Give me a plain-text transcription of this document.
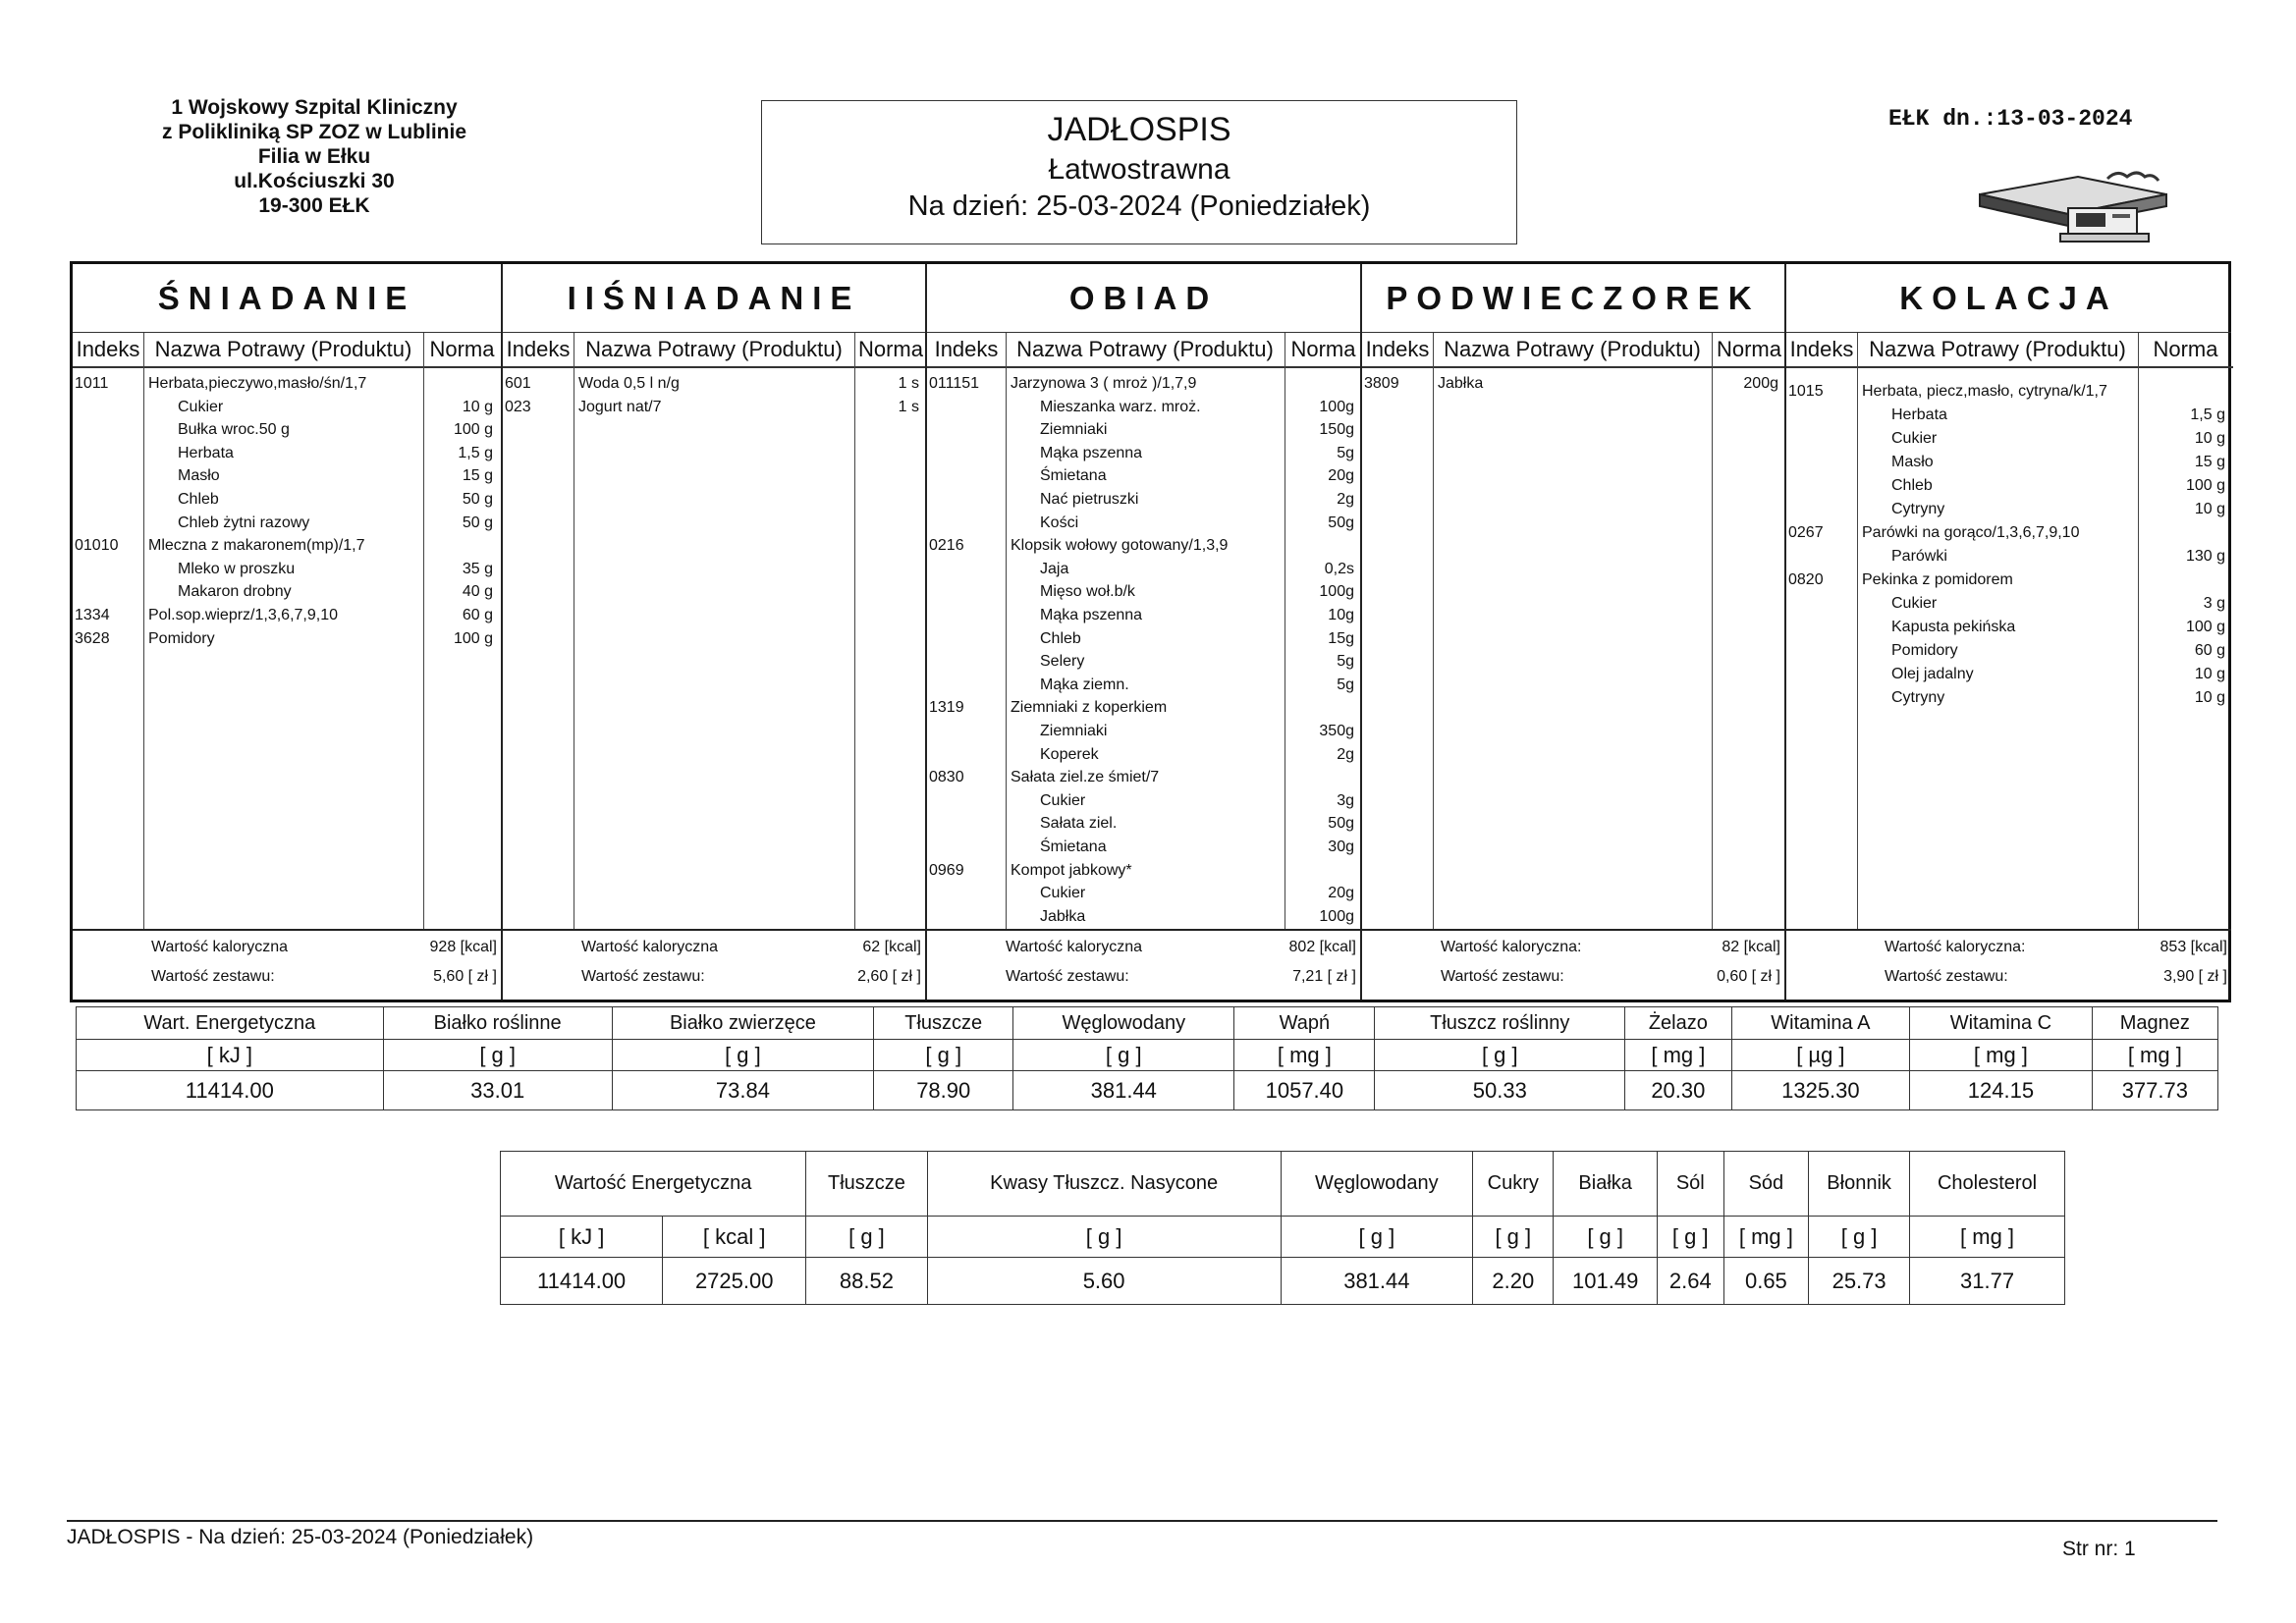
1 Wojskowy Szpital Kliniczny
z Polikliniką SP ZOZ w Lublinie
Filia w Ełku
ul.Kościuszki 30
19-300 EŁK
JADŁOSPIS
Łatwostrawna
Na dzień: 25-03-2024 (Poniedziałek)
EŁK dn.:13-03-2024
ŚNIADANIE
Indeks Nazwa Potrawy (Produktu) Norma
1011	Herbata,pieczywo,masło/śn/1,7
Cukier	10 g
Bułka wroc.50 g	100 g
Herbata	1,5 g
Masło	15 g
Chleb	50 g
Chleb żytni razowy	50 g
01010 Mleczna z makaronem(mp)/1,7
Mleko w proszku	35 g
Makaron drobny	40 g
1334 Pol.sop.wieprz/1,3,6,7,9,10	60 g
3628 Pomidory	100 g
Wartość kaloryczna	928 [kcal]
Wartość zestawu:	5,60 [ zł ]
IIŚNIADANIE
Indeks Nazwa Potrawy (Produktu) Norma
601	Woda 0,5 l n/g	1 s
023	Jogurt nat/7	1 s
Wartość kaloryczna	62 [kcal]
Wartość zestawu:	2,60 [ zł ]
OBIAD
Indeks Nazwa Potrawy (Produktu) Norma
011151 Jarzynowa 3 ( mroż )/1,7,9
Mieszanka warz. mroż.	100g
Ziemniaki	150g
Mąka pszenna	5g
Śmietana	20g
Nać pietruszki	2g
Kości	50g
0216	Klopsik wołowy gotowany/1,3,9
Jaja	0,2s
Mięso woł.b/k	100g
Mąka pszenna	10g
Chleb	15g
Selery	5g
Mąka ziemn.	5g
1319	Ziemniaki z koperkiem
Ziemniaki	350g
Koperek	2g
0830	Sałata ziel.ze śmiet/7
Cukier	3g
Sałata ziel.	50g
Śmietana	30g
0969	Kompot jabkowy*
Cukier	20g
Jabłka	100g
Wartość kaloryczna	802 [kcal]
Wartość zestawu:	7,21 [ zł ]
PODWIECZOREK
Indeks Nazwa Potrawy (Produktu) Norma
3809 Jabłka	200g
Wartość kaloryczna:	82 [kcal]
Wartość zestawu:	0,60 [ zł ]
KOLACJA
Indeks Nazwa Potrawy (Produktu)	Norma
1015 Herbata, piecz,masło, cytryna/k/1,7
Herbata	1,5 g
Cukier	10 g
Masło	15 g
Chleb	100 g
Cytryny	10 g
0267 Parówki na gorąco/1,3,6,7,9,10
Parówki	130 g
0820 Pekinka z pomidorem
Cukier	3 g
Kapusta pekińska	100 g
Pomidory	60 g
Olej jadalny	10 g
Cytryny	10 g
Wartość kaloryczna:	853 [kcal]
Wartość zestawu:	3,90 [ zł ]
Wart. Energetyczna	Białko roślinne	Białko zwierzęce	Tłuszcze	Węglowodany	Wapń	Tłuszcz roślinny	Żelazo	Witamina A	Witamina C	Magnez
[ kJ ]	[ g ]	[ g ]	[ g ]	[ g ]	[ mg ]	[ g ]	[ mg ]	[ µg ]	[ mg ]	[ mg ]
11414.00	33.01	73.84	78.90	381.44	1057.40	50.33	20.30	1325.30	124.15	377.73
Wartość Energetyczna		Tłuszcze	Kwasy Tłuszcz. Nasycone	Węglowodany	Cukry	Białka	Sól	Sód	Błonnik	Cholesterol
[ kJ ]	[ kcal ]	[ g ]	[ g ]	[ g ]	[ g ]	[ g ]	[ g ]	[ mg ]	[ g ]	[ mg ]
11414.00	2725.00	88.52	5.60	381.44	2.20	101.49	2.64	0.65	25.73	31.77
JADŁOSPIS - Na dzień: 25-03-2024 (Poniedziałek)
Str nr: 1
